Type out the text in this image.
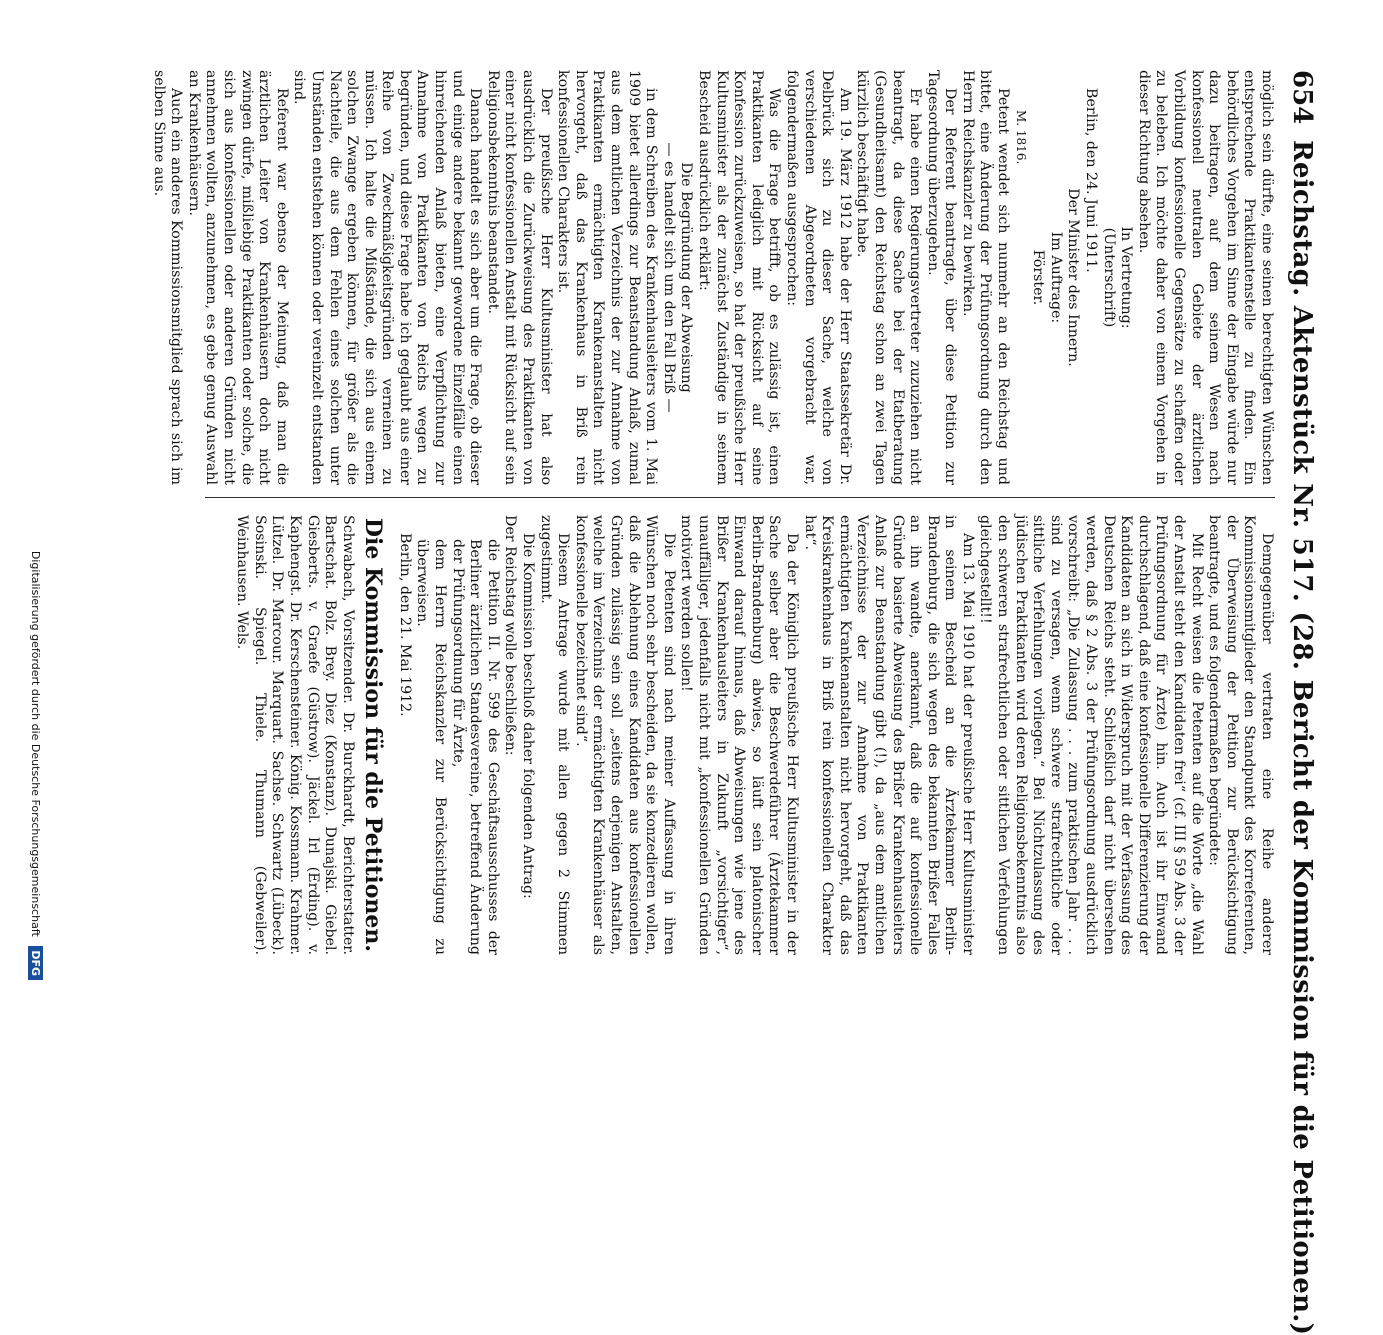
654
Reichstag. Aktenstück Nr. 517. (28. Bericht der Kommission für die Petitionen.)

möglich sein dürfte, eine seinen berechtigten Wünschen entsprechende Praktikantenstelle zu finden. Ein behördliches Vorgehen im Sinne der Eingabe würde nur dazu beitragen, auf dem seinem Wesen nach konfessionell neutralen Gebiete der ärztlichen Vorbildung konfessionelle Gegensätze zu schaffen oder zu beleben. Ich möchte daher von einem Vorgehen in dieser Richtung absehen.

In Vertretung:

(Unterschrift)

Berlin, den 24. Juni 1911.

Der Minister des Innern.

Im Auftrage:

Förster.

M. 1816.

Petent wendet sich nunmehr an den Reichstag und bittet, eine Änderung der Prüfungsordnung durch den Herrn Reichskanzler zu bewirken.

Der Referent beantragte, über diese Petition zur Tagesordnung überzugehen.

Er habe einen Regierungsvertreter zuzuziehen nicht beantragt, da diese Sache bei der Etatberatung (Gesundheitsamt) den Reichstag schon an zwei Tagen kürzlich beschäftigt habe.

Am 19. März 1912 habe der Herr Staatssekretär Dr. Delbrück sich zu dieser Sache, welche von verschiedenen Abgeordneten vorgebracht war, folgendermaßen ausgesprochen:

Was die Frage betrifft, ob es zulässig ist, einen Praktikanten lediglich mit Rücksicht auf seine Konfession zurückzuweisen, so hat der preußische Herr Kultusminister als der zunächst Zuständige in seinem Bescheid ausdrücklich erklärt:

Die Begründung der Abweisung

— es handelt sich um den Fall Briß —

in dem Schreiben des Krankenhausleiters vom 1. Mai 1909 bietet allerdings zur Beanstandung Anlaß, zumal aus dem amtlichen Verzeichnis der zur Annahme von Praktikanten ermächtigten Krankenanstalten nicht hervorgeht, daß das Krankenhaus in Briß rein konfessionellen Charakters ist.

Der preußische Herr Kultusminister hat also ausdrücklich die Zurückweisung des Praktikanten von einer nicht konfessionellen Anstalt mit Rücksicht auf sein Religionsbekenntnis beanstandet.

Danach handelt es sich aber um die Frage, ob dieser und einige andere bekannt gewordene Einzelfälle einen hinreichenden Anlaß bieten, eine Verpflichtung zur Annahme von Praktikanten von Reichs wegen zu begründen, und diese Frage habe ich geglaubt aus einer Reihe von Zweckmäßigkeitsgründen verneinen zu müssen. Ich halte die Mißstände, die sich aus einem solchen Zwange ergeben können, für größer als die Nachteile, die aus dem Fehlen eines solchen unter Umständen entstehen können oder vereinzelt entstanden sind.

Referent war ebenso der Meinung, daß man die ärztlichen Leiter von Krankenhäusern doch nicht zwingen dürfe, mißliebige Praktikanten oder solche, die sich aus konfessionellen oder anderen Gründen nicht annehmen wollten, anzunehmen, es gebe genug Auswahl an Krankenhäusern.

Auch ein anderes Kommissionsmitglied sprach sich im selben Sinne aus.

Demgegenüber vertraten eine Reihe anderer Kommissionsmitglieder den Standpunkt des Korreferenten, der Überweisung der Petition zur Berücksichtigung beantragte, und es folgendermaßen begründete:

Mit Recht weisen die Petenten auf die Worte „die Wahl der Anstalt steht den Kandidaten frei“ (cf. III § 59 Abs. 3 der Prüfungsordnung für Ärzte) hin. Auch ist ihr Einwand durchschlagend, daß eine konfessionelle Differenzierung der Kandidaten an sich in Widerspruch mit der Verfassung des Deutschen Reichs steht. Schließlich darf nicht übersehen werden, daß § 2 Abs. 3 der Prüfungsordnung ausdrücklich vorschreibt: „Die Zulassung . . . zum praktischen Jahr . . . sind zu versagen, wenn schwere strafrechtliche oder sittliche Verfehlungen vorliegen.“ Bei Nichtzulassung des jüdischen Praktikanten wird deren Religionsbekenntnis also den schweren strafrechtlichen oder sittlichen Verfehlungen gleichgestellt!!

Am 13. Mai 1910 hat der preußische Herr Kultusminister in seinem Bescheid an die Ärztekammer Berlin-Brandenburg, die sich wegen des bekannten Brißer Falles an ihn wandte, anerkannt, daß die auf konfessionelle Gründe basierte Abweisung des Brißer Krankenhausleiters Anlaß zur Beanstandung gibt (!), da „aus dem amtlichen Verzeichnisse der zur Annahme von Praktikanten ermächtigten Krankenanstalten nicht hervorgeht, daß das Kreiskrankenhaus in Briß rein konfessionellen Charakter hat“.

Da der Königlich preußische Herr Kultusminister in der Sache selber aber die Beschwerdeführer (Ärztekammer Berlin-Brandenburg) abwies, so läuft sein platonischer Einwand darauf hinaus, daß Abweisungen wie jene des Brißer Krankenhausleiters in Zukunft „vorsichtiger“, unauffälliger, jedenfalls nicht mit „konfessionellen Gründen motiviert werden sollen!

Die Petenten sind nach meiner Auffassung in ihren Wünschen noch sehr bescheiden, da sie konzedieren wollen, daß die Ablehnung eines Kandidaten aus konfessionellen Gründen zulässig sein soll „seitens derjenigen Anstalten, welche im Verzeichnis der ermächtigten Krankenhäuser als konfessionelle bezeichnet sind“.

Diesem Antrage wurde mit allen gegen 2 Stimmen zugestimmt.

Die Kommission beschloß daher folgenden Antrag:

Der Reichstag wolle beschließen:

die Petition II. Nr. 599 des Geschäftsausschusses der Berliner ärztlichen Standesvereine, betreffend Änderung der Prüfungsordnung für Ärzte,

dem Herrn Reichskanzler zur Berücksichtigung zu überweisen.

Berlin, den 21. Mai 1912.

Die Kommission für die Petitionen.

Schwabach, Vorsitzender. Dr. Burckhardt, Berichterstatter. Bartschat. Bolz. Brey. Diez (Konstanz). Dunajski. Giebel. Giesberts. v. Graefe (Güstrow). Jäckel. Irl (Erding). v. Kaphengst. Dr. Kerschensteiner. König. Kossmann. Krahmer. Lützel. Dr. Marcour. Marquart. Sachse. Schwartz (Lübeck). Sosinski. Spiegel. Thiele. Thumann (Gebweiler). Weinhausen. Wels.

Digitalisierung gefördert durch die Deutsche Forschungsgemeinschaft DFG
